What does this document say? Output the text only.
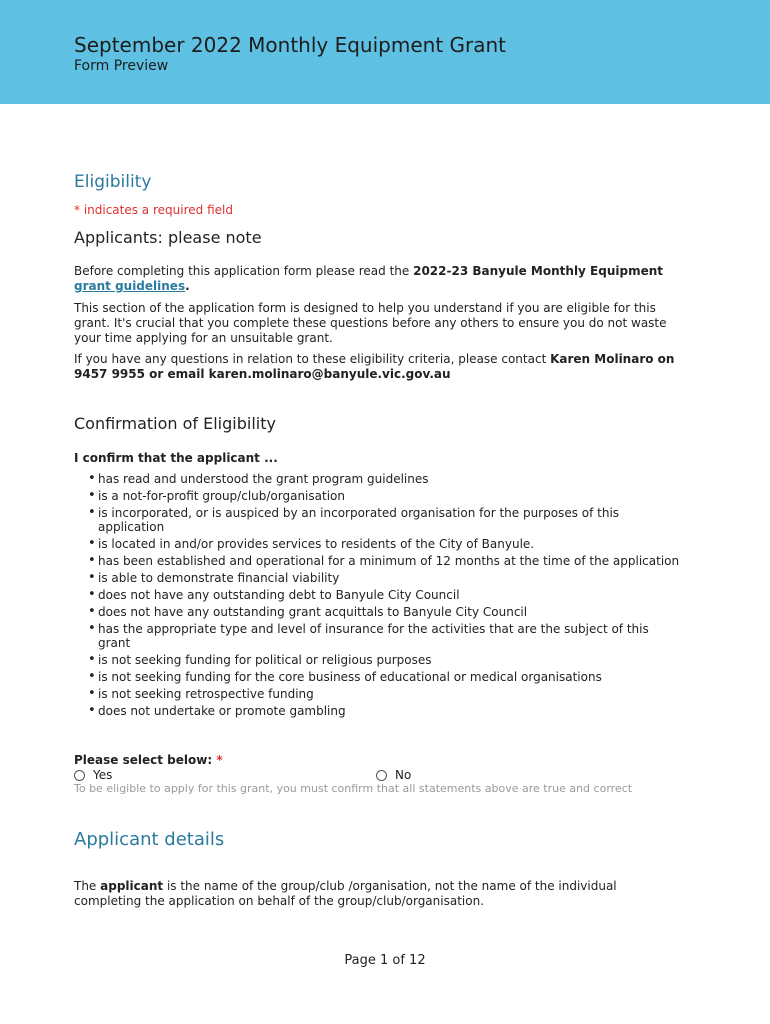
September 2022 Monthly Equipment Grant
Form Preview
Eligibility
* indicates a required field
Applicants: please note
Before completing this application form please read the 2022-23 Banyule Monthly Equipment grant guidelines.
This section of the application form is designed to help you understand if you are eligible for this grant. It's crucial that you complete these questions before any others to ensure you do not waste your time applying for an unsuitable grant.
If you have any questions in relation to these eligibility criteria, please contact Karen Molinaro on 9457 9955 or email karen.molinaro@banyule.vic.gov.au
Confirmation of Eligibility
I confirm that the applicant ...
• has read and understood the grant program guidelines
• is a not-for-profit group/club/organisation
• is incorporated, or is auspiced by an incorporated organisation for the purposes of this application
• is located in and/or provides services to residents of the City of Banyule.
• has been established and operational for a minimum of 12 months at the time of the application
• is able to demonstrate financial viability
• does not have any outstanding debt to Banyule City Council
• does not have any outstanding grant acquittals to Banyule City Council
• has the appropriate type and level of insurance for the activities that are the subject of this grant
• is not seeking funding for political or religious purposes
• is not seeking funding for the core business of educational or medical organisations
• is not seeking retrospective funding
• does not undertake or promote gambling
Please select below: *
Yes	No
To be eligible to apply for this grant, you must confirm that all statements above are true and correct
Applicant details
The applicant is the name of the group/club /organisation, not the name of the individual completing the application on behalf of the group/club/organisation.
Page 1 of 12
